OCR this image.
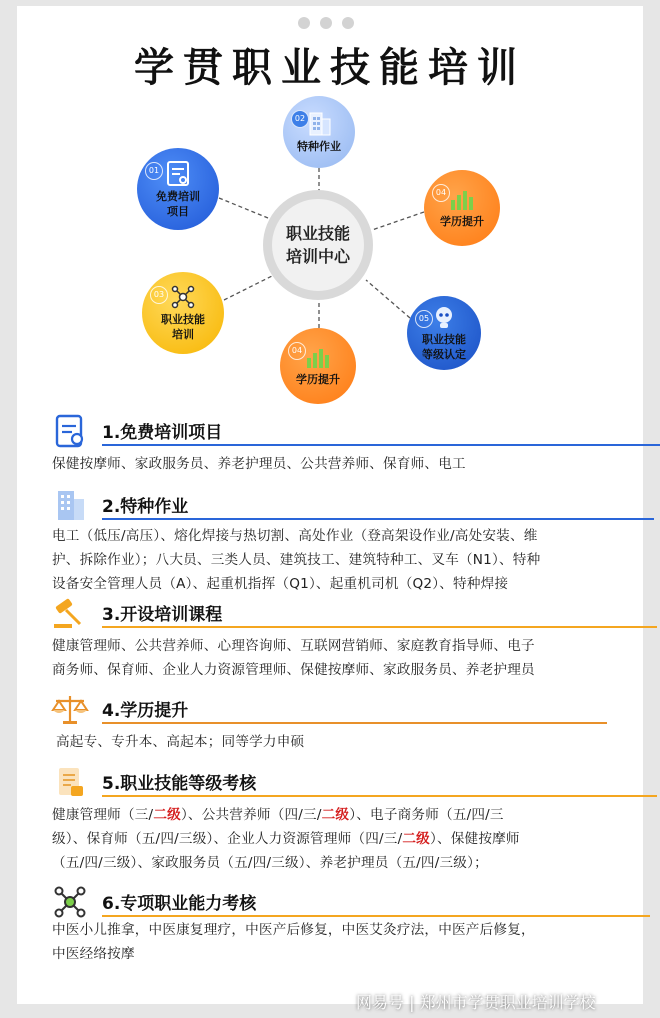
学贯职业技能培训
职业技能
培训中心
01
免费培训
项目
02
特种作业
04
学历提升
03
职业技能
培训
04
学历提升
05
职业技能
等级认定
1.免费培训项目
保健按摩师、家政服务员、养老护理员、公共营养师、保育师、电工
2.特种作业
电工（低压/高压）、熔化焊接与热切割、高处作业（登高架设作业/高处安装、维
护、拆除作业）；八大员、三类人员、建筑技工、建筑特种工、叉车（N1）、特种
设备安全管理人员（A）、起重机指挥（Q1）、起重机司机（Q2）、特种焊接
3.开设培训课程
健康管理师、公共营养师、心理咨询师、互联网营销师、家庭教育指导师、电子
商务师、保育师、企业人力资源管理师、保健按摩师、家政服务员、养老护理员
4.学历提升
高起专、专升本、高起本；同等学力申硕
5.职业技能等级考核
健康管理师（三/二级）、公共营养师（四/三/二级）、电子商务师（五/四/三
级）、保育师（五/四/三级）、企业人力资源管理师（四/三/二级）、保健按摩师
（五/四/三级）、家政服务员（五/四/三级）、养老护理员（五/四/三级）；
6.专项职业能力考核
中医小儿推拿，中医康复理疗，中医产后修复，中医艾灸疗法，中医产后修复，
中医经络按摩
网易号 | 郑州市学贯职业培训学校
